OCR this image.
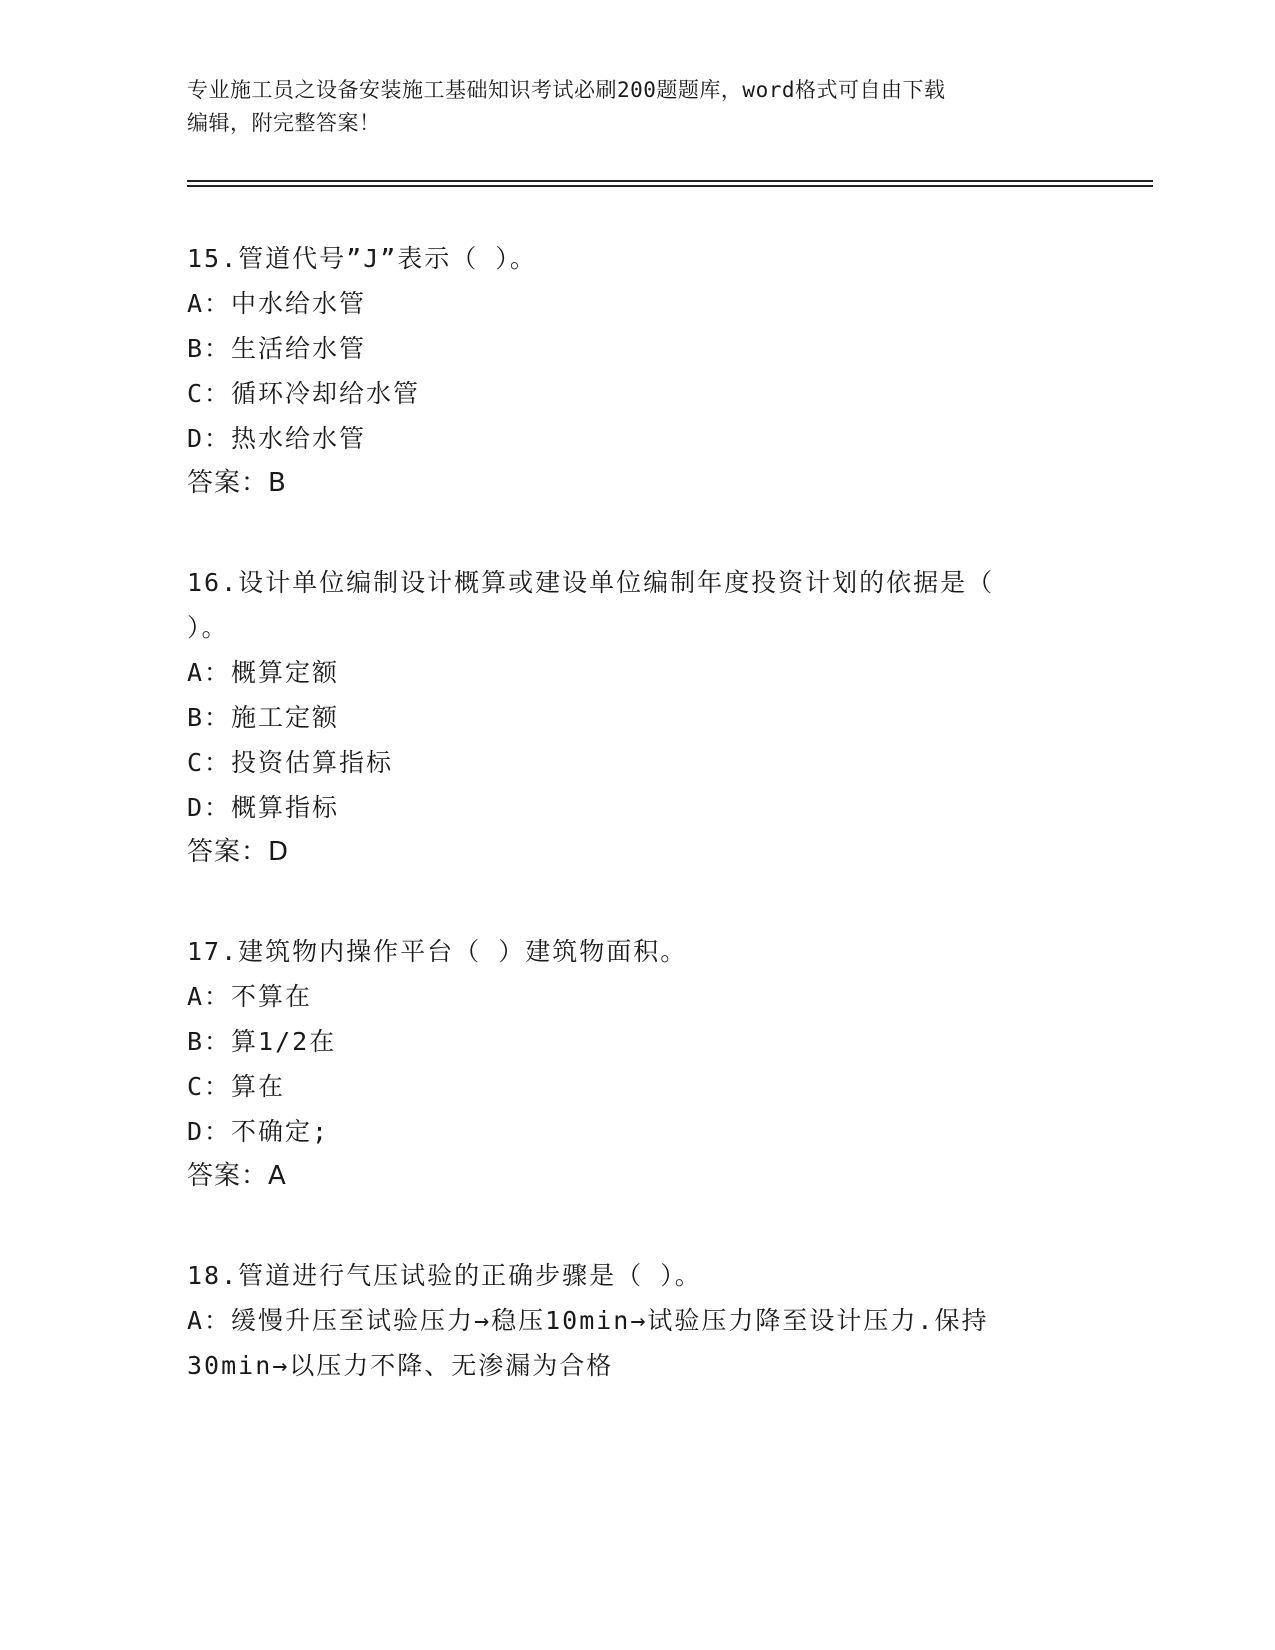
专业施工员之设备安装施工基础知识考试必刷200题题库，word格式可自由下载
编辑，附完整答案！
15.管道代号”J”表示（ ）。
A：中水给水管
B：生活给水管
C：循环冷却给水管
D：热水给水管
答案：B
16.设计单位编制设计概算或建设单位编制年度投资计划的依据是（
）。
A：概算定额
B：施工定额
C：投资估算指标
D：概算指标
答案：D
17.建筑物内操作平台（ ）建筑物面积。
A：不算在
B：算1/2在
C：算在
D：不确定;
答案：A
18.管道进行气压试验的正确步骤是（ ）。
A：缓慢升压至试验压力→稳压10min→试验压力降至设计压力.保持
30min→以压力不降、无渗漏为合格
